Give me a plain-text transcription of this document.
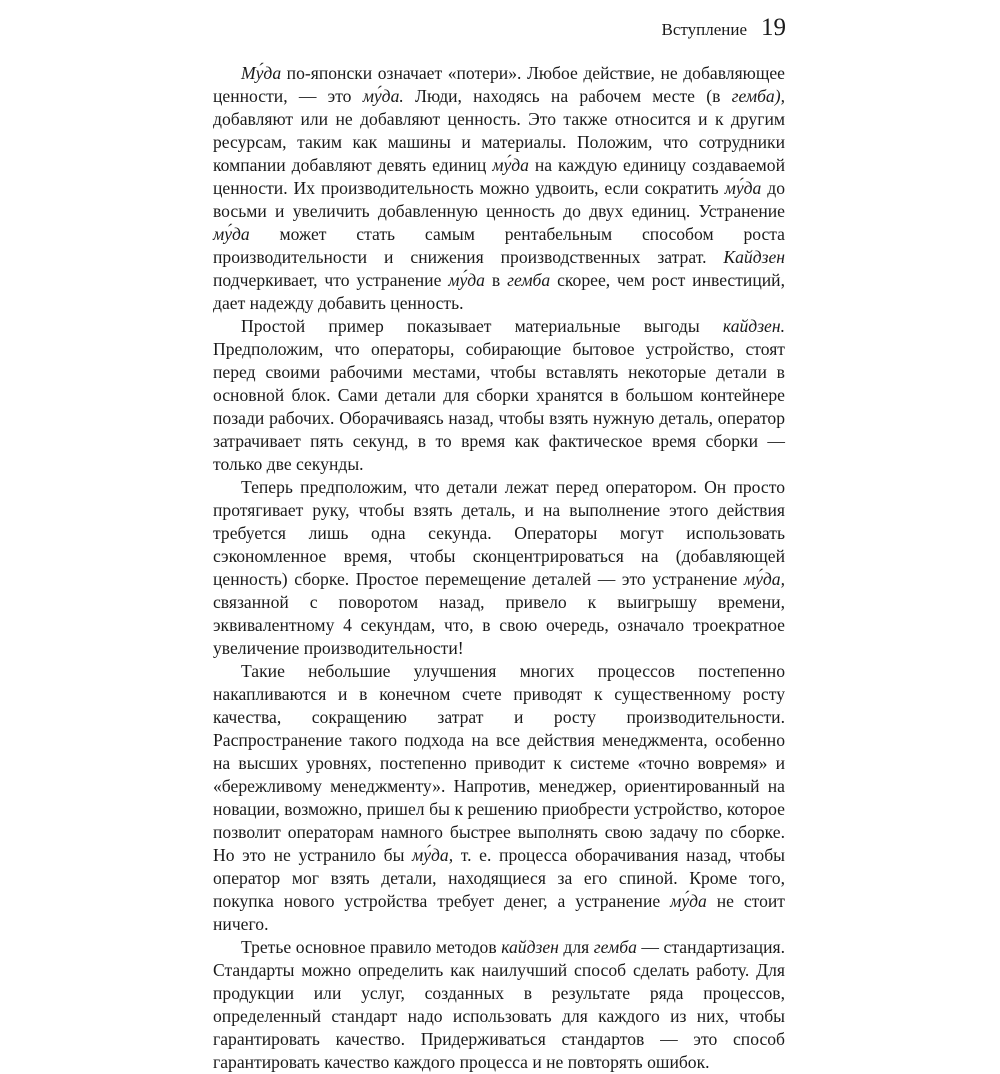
Вступление 19

Му́да по-японски означает «потери». Любое действие, не добавляющее ценности, — это му́да. Люди, находясь на рабочем месте (в гемба), добавляют или не добавляют ценность. Это также относится и к другим ресурсам, таким как машины и материалы. Положим, что сотрудники компании добавляют девять единиц му́да на каждую единицу создаваемой ценности. Их производительность можно удвоить, если сократить му́да до восьми и увеличить добавленную ценность до двух единиц. Устранение му́да может стать самым рентабельным способом роста производительности и снижения производственных затрат. Кайдзен подчеркивает, что устранение му́да в гемба скорее, чем рост инвестиций, дает надежду добавить ценность.

Простой пример показывает материальные выгоды кайдзен. Предположим, что операторы, собирающие бытовое устройство, стоят перед своими рабочими местами, чтобы вставлять некоторые детали в основной блок. Сами детали для сборки хранятся в большом контейнере позади рабочих. Оборачиваясь назад, чтобы взять нужную деталь, оператор затрачивает пять секунд, в то время как фактическое время сборки — только две секунды.

Теперь предположим, что детали лежат перед оператором. Он просто протягивает руку, чтобы взять деталь, и на выполнение этого действия требуется лишь одна секунда. Операторы могут использовать сэкономленное время, чтобы сконцентрироваться на (добавляющей ценность) сборке. Простое перемещение деталей — это устранение му́да, связанной с поворотом назад, привело к выигрышу времени, эквивалентному 4 секундам, что, в свою очередь, означало троекратное увеличение производительности!

Такие небольшие улучшения многих процессов постепенно накапливаются и в конечном счете приводят к существенному росту качества, сокращению затрат и росту производительности. Распространение такого подхода на все действия менеджмента, особенно на высших уровнях, постепенно приводит к системе «точно вовремя» и «бережливому менеджменту». Напротив, менеджер, ориентированный на новации, возможно, пришел бы к решению приобрести устройство, которое позволит операторам намного быстрее выполнять свою задачу по сборке. Но это не устранило бы му́да, т. е. процесса оборачивания назад, чтобы оператор мог взять детали, находящиеся за его спиной. Кроме того, покупка нового устройства требует денег, а устранение му́да не стоит ничего.

Третье основное правило методов кайдзен для гемба — стандартизация. Стандарты можно определить как наилучший способ сделать работу. Для продукции или услуг, созданных в результате ряда процессов, определенный стандарт надо использовать для каждого из них, чтобы гарантировать качество. Придерживаться стандартов — это способ гарантировать качество каждого процесса и не повторять ошибок.
